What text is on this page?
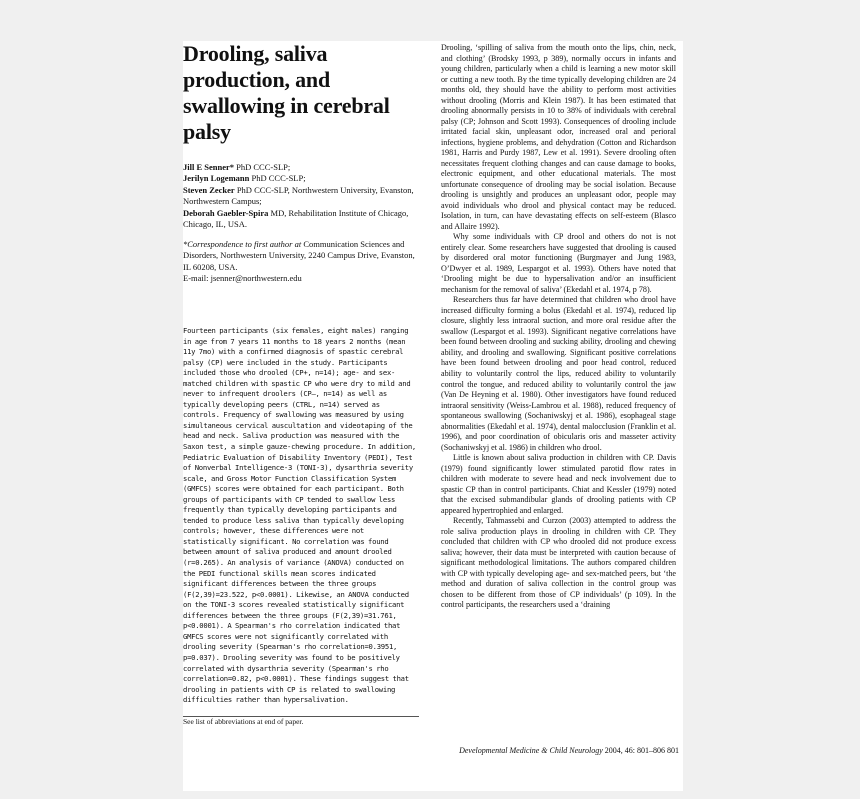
Drooling, saliva production, and swallowing in cerebral palsy

Jill E Senner* PhD CCC-SLP;

Jerilyn Logemann PhD CCC-SLP;

Steven Zecker PhD CCC-SLP, Northwestern University, Evanston, Northwestern Campus;

Deborah Gaebler-Spira MD, Rehabilitation Institute of Chicago, Chicago, IL, USA.

*Correspondence to first author at Communication Sciences and Disorders, Northwestern University, 2240 Campus Drive, Evanston, IL 60208, USA.

E-mail: jsenner@northwestern.edu

Fourteen participants (six females, eight males) ranging in age from 7 years 11 months to 18 years 2 months (mean 11y 7mo) with a confirmed diagnosis of spastic cerebral palsy (CP) were included in the study. Participants included those who drooled (CP+, n=14); age- and sex-matched children with spastic CP who were dry to mild and never to infrequent droolers (CP–, n=14) as well as typically developing peers (CTRL, n=14) served as controls. Frequency of swallowing was measured by using simultaneous cervical auscultation and videotaping of the head and neck. Saliva production was measured with the Saxon test, a simple gauze-chewing procedure. In addition, Pediatric Evaluation of Disability Inventory (PEDI), Test of Nonverbal Intelligence-3 (TONI-3), dysarthria severity scale, and Gross Motor Function Classification System (GMFCS) scores were obtained for each participant. Both groups of participants with CP tended to swallow less frequently than typically developing participants and tended to produce less saliva than typically developing controls; however, these differences were not statistically significant. No correlation was found between amount of saliva produced and amount drooled (r=0.265). An analysis of variance (ANOVA) conducted on the PEDI functional skills mean scores indicated significant differences between the three groups (F(2,39)=23.522, p<0.0001). Likewise, an ANOVA conducted on the TONI-3 scores revealed statistically significant differences between the three groups (F(2,39)=31.761, p<0.0001). A Spearman's rho correlation indicated that GMFCS scores were not significantly correlated with drooling severity (Spearman's rho correlation=0.3951, p=0.037). Drooling severity was found to be positively correlated with dysarthria severity (Spearman's rho correlation=0.82, p<0.0001). These findings suggest that drooling in patients with CP is related to swallowing difficulties rather than hypersalivation.

See list of abbreviations at end of paper.

Drooling, ‘spilling of saliva from the mouth onto the lips, chin, neck, and clothing’ (Brodsky 1993, p 389), normally occurs in infants and young children, particularly when a child is learning a new motor skill or cutting a new tooth. By the time typically developing children are 24 months old, they should have the ability to perform most activities without drooling (Morris and Klein 1987). It has been estimated that drooling abnormally persists in 10 to 38% of individuals with cerebral palsy (CP; Johnson and Scott 1993). Consequences of drooling include irritated facial skin, unpleasant odor, increased oral and perioral infections, hygiene problems, and dehydration (Cotton and Richardson 1981, Harris and Purdy 1987, Lew et al. 1991). Severe drooling often necessitates frequent clothing changes and can cause damage to books, electronic equipment, and other educational materials. The most unfortunate consequence of drooling may be social isolation. Because drooling is unsightly and produces an unpleasant odor, people may avoid individuals who drool and physical contact may be reduced. Isolation, in turn, can have devastating effects on self-esteem (Blasco and Allaire 1992).

Why some individuals with CP drool and others do not is not entirely clear. Some researchers have suggested that drooling is caused by disordered oral motor functioning (Burgmayer and Jung 1983, O’Dwyer et al. 1989, Lespargot et al. 1993). Others have noted that ‘Drooling might be due to hypersalivation and/or an insufficient mechanism for the removal of saliva’ (Ekedahl et al. 1974, p 78).

Researchers thus far have determined that children who drool have increased difficulty forming a bolus (Ekedahl et al. 1974), reduced lip closure, slightly less intraoral suction, and more oral residue after the swallow (Lespargot et al. 1993). Significant negative correlations have been found between drooling and sucking ability, drooling and chewing ability, and drooling and swallowing. Significant positive correlations have been found between drooling and poor head control, reduced ability to voluntarily control the lips, reduced ability to voluntarily control the tongue, and reduced ability to voluntarily control the jaw (Van De Heyning et al. 1980). Other investigators have found reduced intraoral sensitivity (Weiss-Lambrou et al. 1988), reduced frequency of spontaneous swallowing (Sochaniwskyj et al. 1986), esophageal stage abnormalities (Ekedahl et al. 1974), dental malocclusion (Franklin et al. 1996), and poor coordination of obicularis oris and masseter activity (Sochaniwskyj et al. 1986) in children who drool.

Little is known about saliva production in children with CP. Davis (1979) found significantly lower stimulated parotid flow rates in children with moderate to severe head and neck involvement due to spastic CP than in control participants. Chiat and Kessler (1979) noted that the excised submandibular glands of drooling patients with CP appeared hypertrophied and enlarged.

Recently, Tahmassebi and Curzon (2003) attempted to address the role saliva production plays in drooling in children with CP. They concluded that children with CP who drooled did not produce excess saliva; however, their data must be interpreted with caution because of significant methodological limitations. The authors compared children with CP with typically developing age- and sex-matched peers, but ‘the method and duration of saliva collection in the control group was chosen to be different from those of CP individuals’ (p 109). In the control participants, the researchers used a ‘draining

Developmental Medicine & Child Neurology 2004, 46: 801–806 801
